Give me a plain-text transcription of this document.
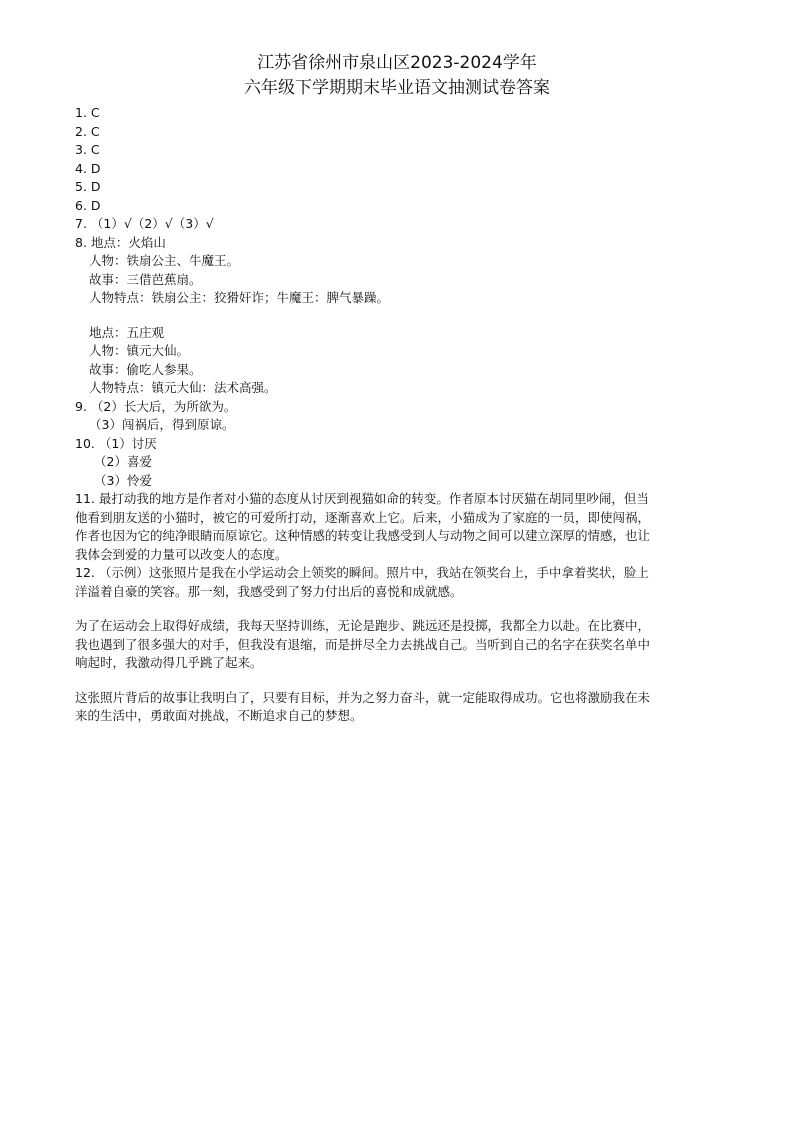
江苏省徐州市泉山区2023-2024学年
六年级下学期期末毕业语文抽测试卷答案
1. C
2. C
3. C
4. D
5. D
6. D
7. （1）√（2）√（3）√
8. 地点：火焰山
人物：铁扇公主、牛魔王。
故事：三借芭蕉扇。
人物特点：铁扇公主：狡猾奸诈；牛魔王：脾气暴躁。
地点：五庄观
人物：镇元大仙。
故事：偷吃人参果。
人物特点：镇元大仙：法术高强。
9. （2）长大后，为所欲为。
（3）闯祸后，得到原谅。
10. （1）讨厌
（2）喜爱
（3）怜爱
11. 最打动我的地方是作者对小猫的态度从讨厌到视猫如命的转变。作者原本讨厌猫在胡同里吵闹，但当
他看到朋友送的小猫时，被它的可爱所打动，逐渐喜欢上它。后来，小猫成为了家庭的一员，即使闯祸，
作者也因为它的纯净眼睛而原谅它。这种情感的转变让我感受到人与动物之间可以建立深厚的情感，也让
我体会到爱的力量可以改变人的态度。
12. （示例）这张照片是我在小学运动会上领奖的瞬间。照片中，我站在领奖台上，手中拿着奖状，脸上
洋溢着自豪的笑容。那一刻，我感受到了努力付出后的喜悦和成就感。
为了在运动会上取得好成绩，我每天坚持训练，无论是跑步、跳远还是投掷，我都全力以赴。在比赛中，
我也遇到了很多强大的对手，但我没有退缩，而是拼尽全力去挑战自己。当听到自己的名字在获奖名单中
响起时，我激动得几乎跳了起来。
这张照片背后的故事让我明白了，只要有目标，并为之努力奋斗，就一定能取得成功。它也将激励我在未
来的生活中，勇敢面对挑战，不断追求自己的梦想。
